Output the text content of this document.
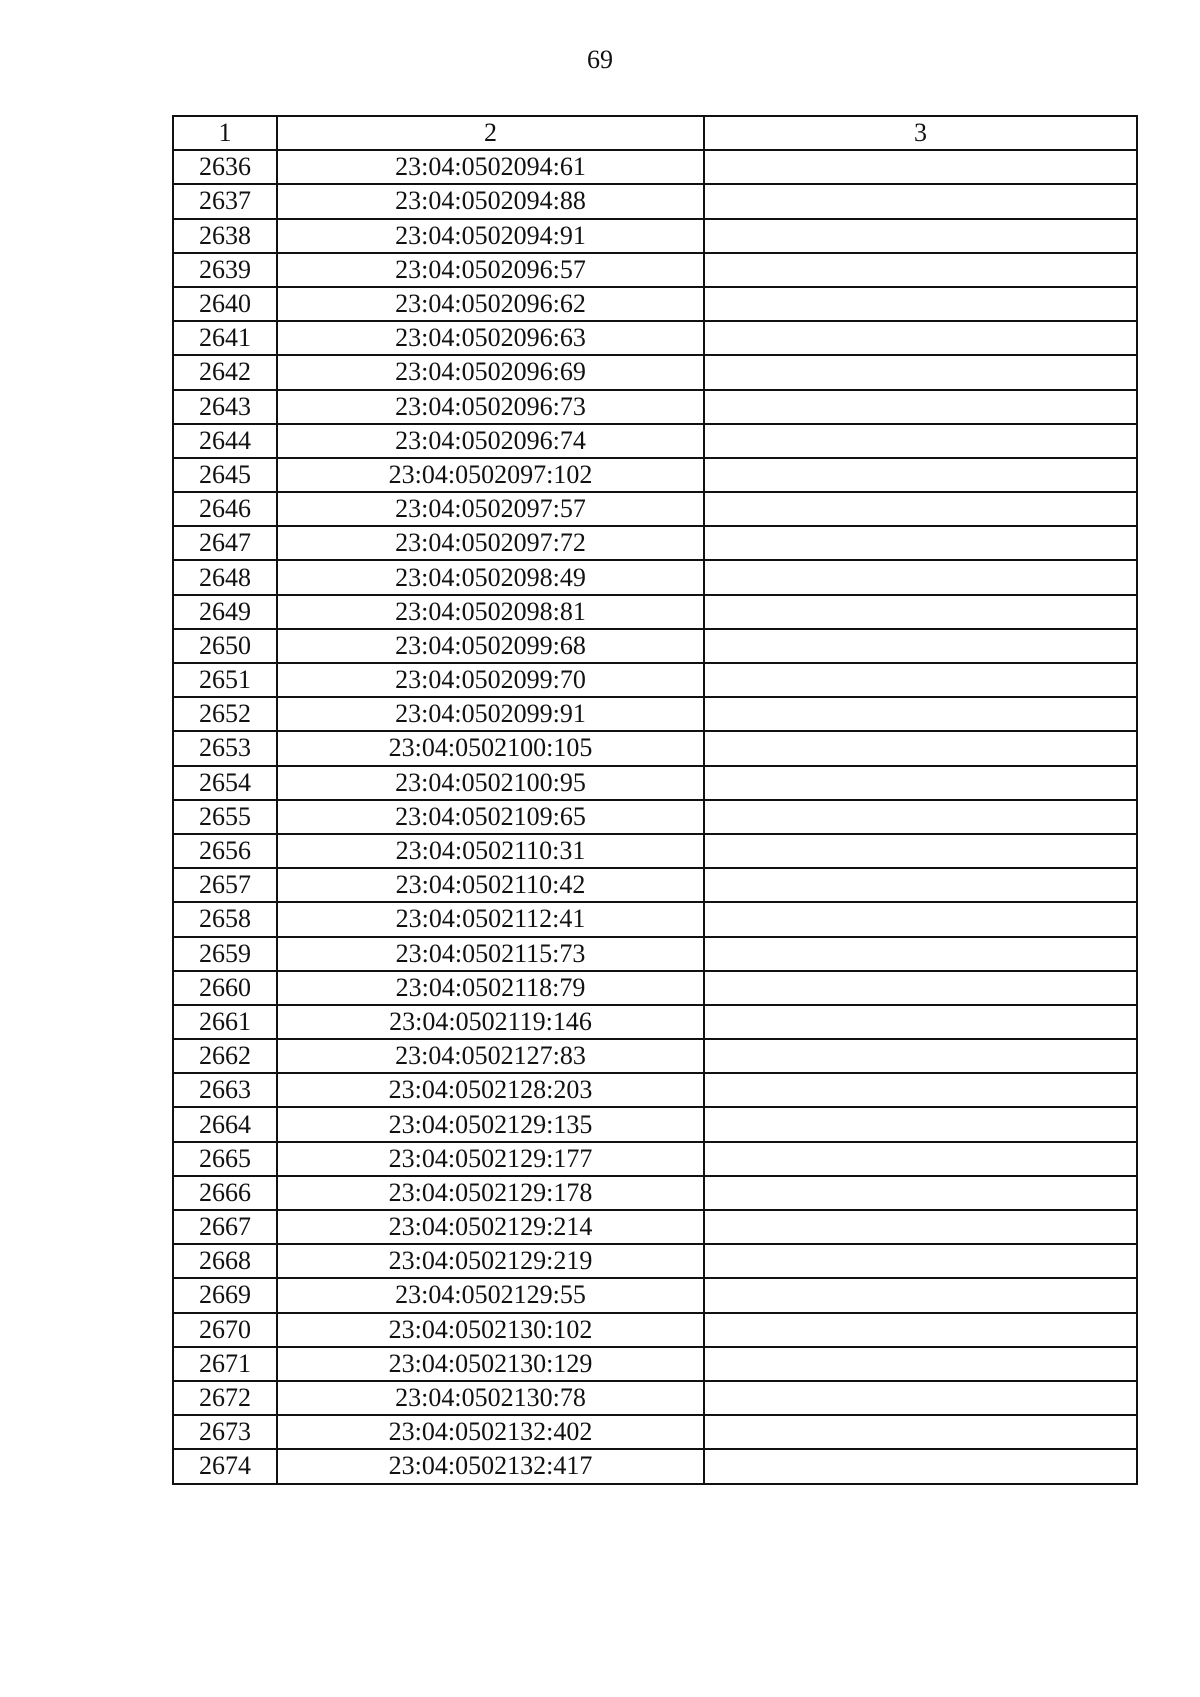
69
1	2	3
2636	23:04:0502094:61	
2637	23:04:0502094:88	
2638	23:04:0502094:91	
2639	23:04:0502096:57	
2640	23:04:0502096:62	
2641	23:04:0502096:63	
2642	23:04:0502096:69	
2643	23:04:0502096:73	
2644	23:04:0502096:74	
2645	23:04:0502097:102	
2646	23:04:0502097:57	
2647	23:04:0502097:72	
2648	23:04:0502098:49	
2649	23:04:0502098:81	
2650	23:04:0502099:68	
2651	23:04:0502099:70	
2652	23:04:0502099:91	
2653	23:04:0502100:105	
2654	23:04:0502100:95	
2655	23:04:0502109:65	
2656	23:04:0502110:31	
2657	23:04:0502110:42	
2658	23:04:0502112:41	
2659	23:04:0502115:73	
2660	23:04:0502118:79	
2661	23:04:0502119:146	
2662	23:04:0502127:83	
2663	23:04:0502128:203	
2664	23:04:0502129:135	
2665	23:04:0502129:177	
2666	23:04:0502129:178	
2667	23:04:0502129:214	
2668	23:04:0502129:219	
2669	23:04:0502129:55	
2670	23:04:0502130:102	
2671	23:04:0502130:129	
2672	23:04:0502130:78	
2673	23:04:0502132:402	
2674	23:04:0502132:417	
